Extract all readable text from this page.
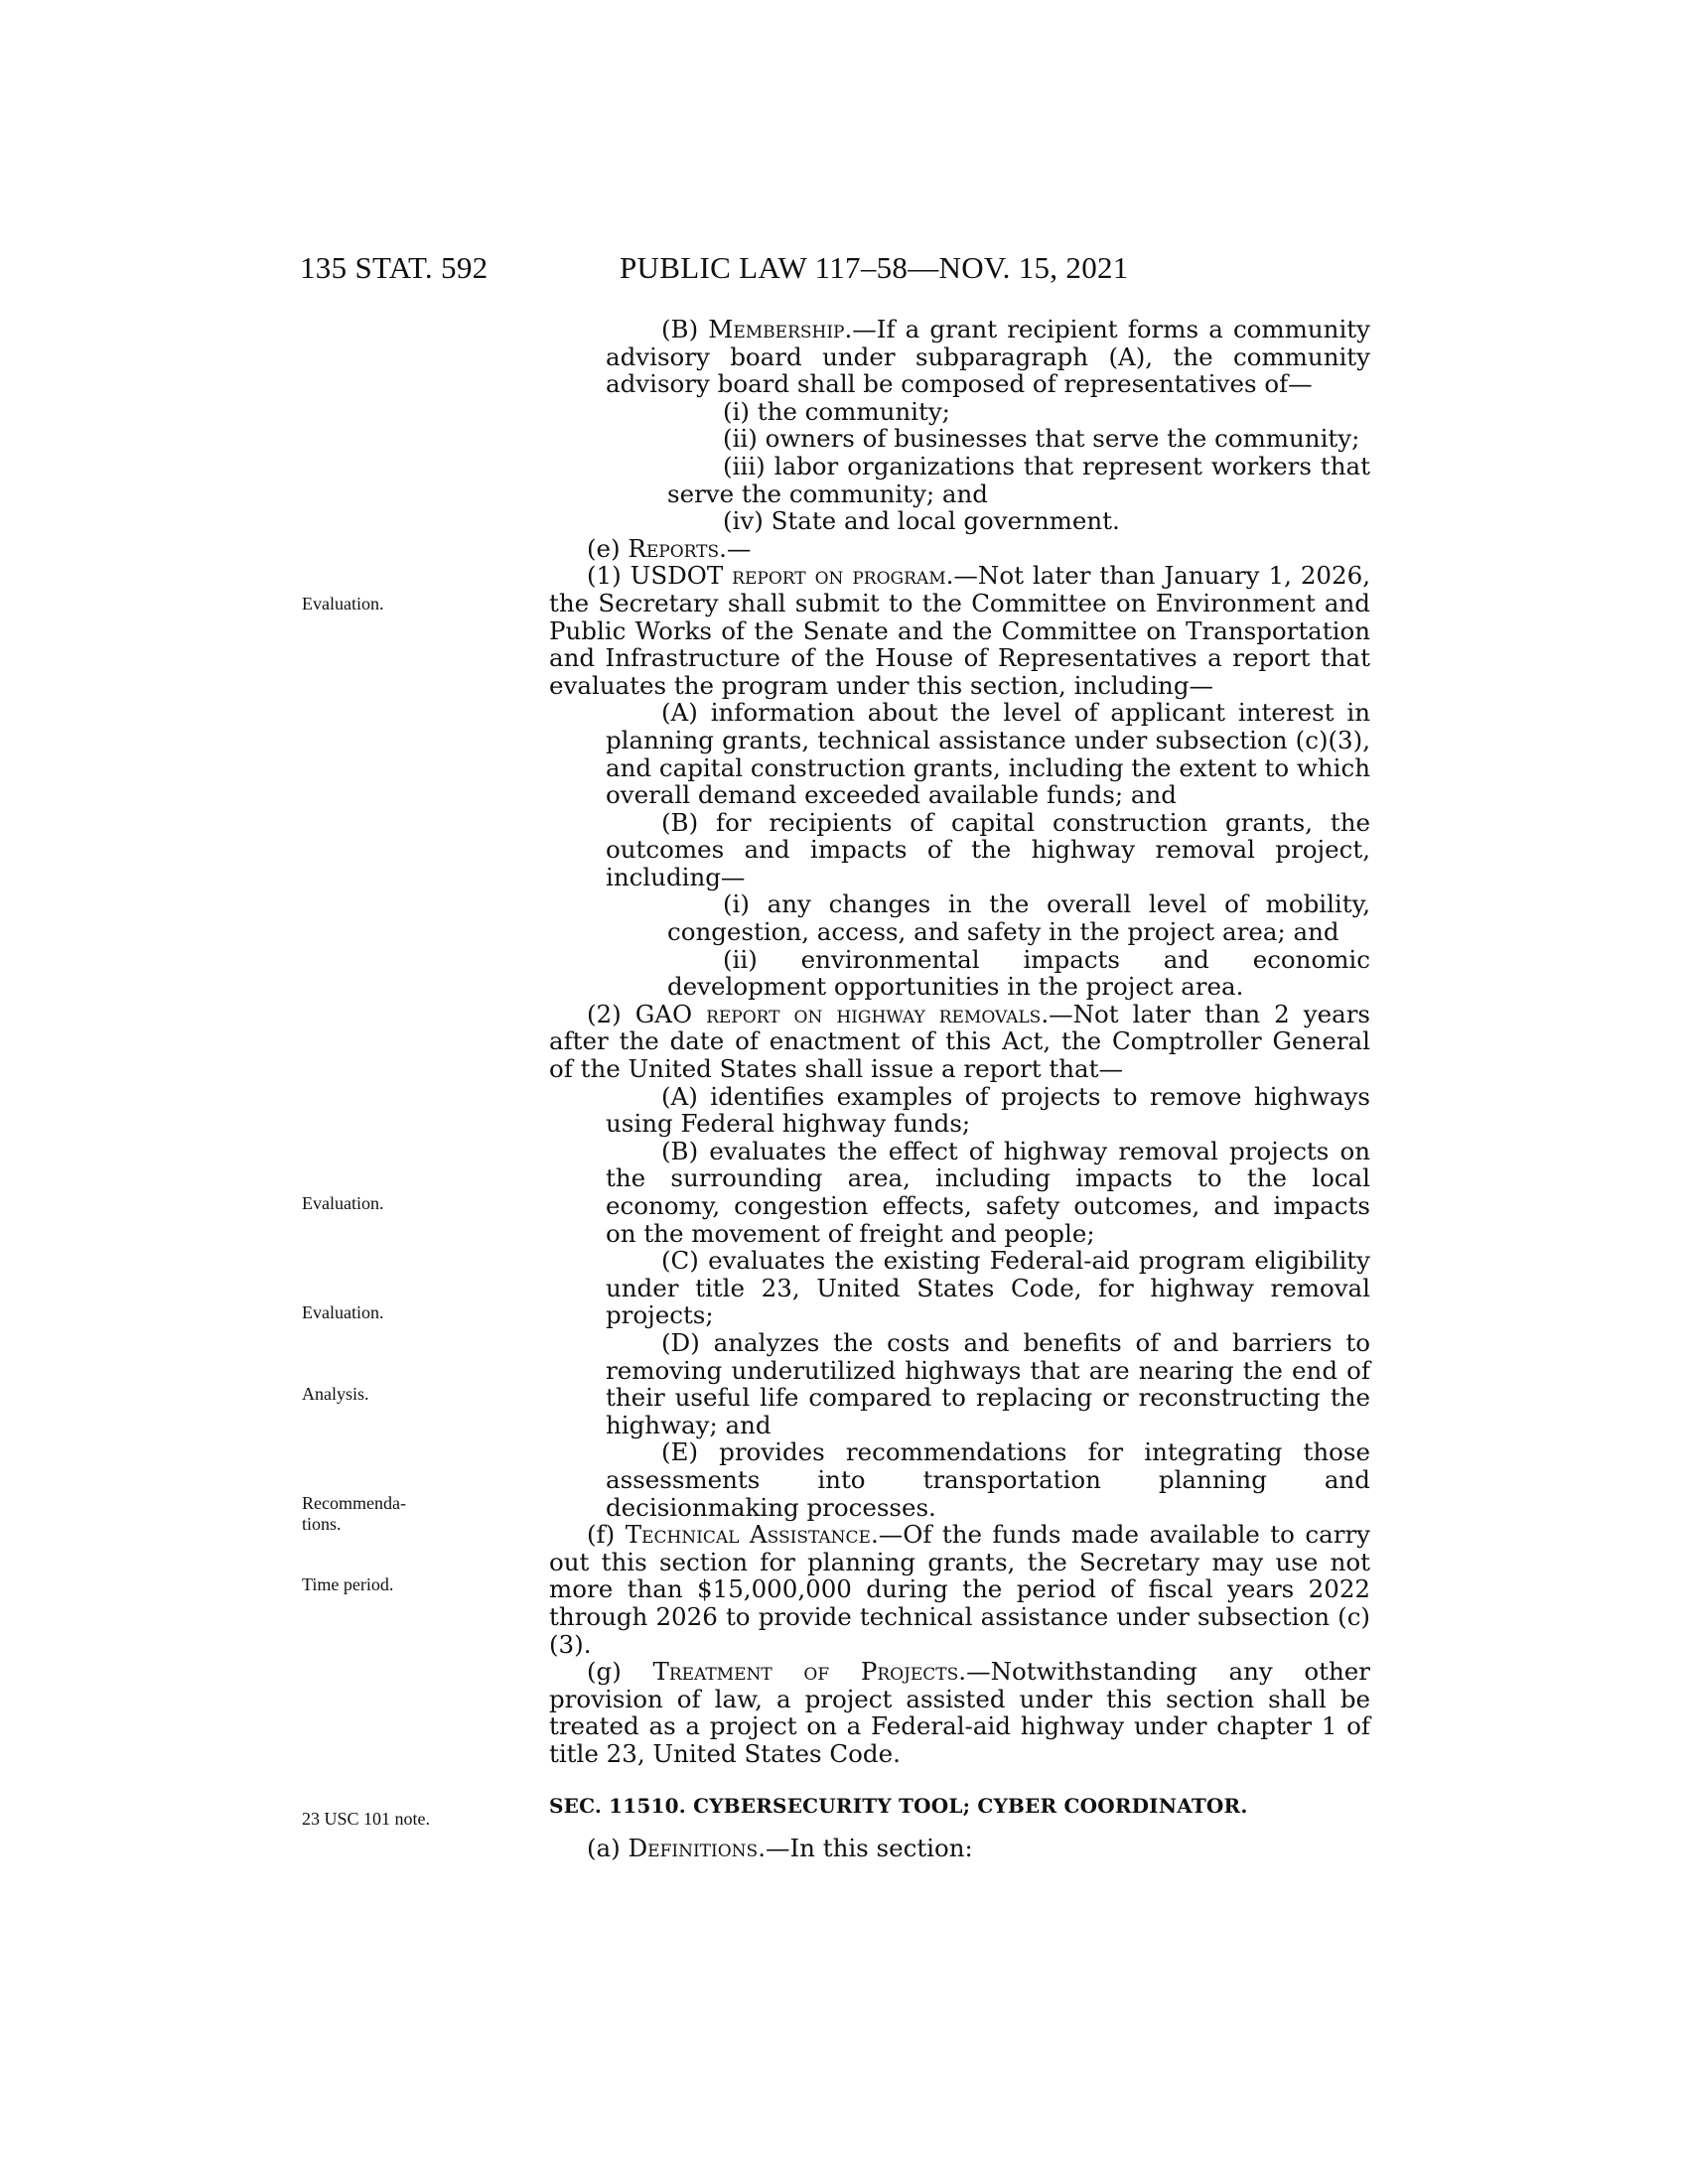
135 STAT. 592	PUBLIC LAW 117–58—NOV. 15, 2021
Evaluation.
Evaluation.
Evaluation.
Analysis.
Recommenda-
tions.
Time period.
23 USC 101 note.
(B) Membership.—If a grant recipient forms a community advisory board under subparagraph (A), the community advisory board shall be composed of representatives of—
(i) the community;
(ii) owners of businesses that serve the community;
(iii) labor organizations that represent workers that serve the community; and
(iv) State and local government.
(e) Reports.—
(1) USDOT report on program.—Not later than January 1, 2026, the Secretary shall submit to the Committee on Environment and Public Works of the Senate and the Committee on Transportation and Infrastructure of the House of Representatives a report that evaluates the program under this section, including—
(A) information about the level of applicant interest in planning grants, technical assistance under subsection (c)(3), and capital construction grants, including the extent to which overall demand exceeded available funds; and
(B) for recipients of capital construction grants, the outcomes and impacts of the highway removal project, including—
(i) any changes in the overall level of mobility, congestion, access, and safety in the project area; and
(ii) environmental impacts and economic development opportunities in the project area.
(2) GAO report on highway removals.—Not later than 2 years after the date of enactment of this Act, the Comptroller General of the United States shall issue a report that—
(A) identifies examples of projects to remove highways using Federal highway funds;
(B) evaluates the effect of highway removal projects on the surrounding area, including impacts to the local economy, congestion effects, safety outcomes, and impacts on the movement of freight and people;
(C) evaluates the existing Federal-aid program eligibility under title 23, United States Code, for highway removal projects;
(D) analyzes the costs and benefits of and barriers to removing underutilized highways that are nearing the end of their useful life compared to replacing or reconstructing the highway; and
(E) provides recommendations for integrating those assessments into transportation planning and decisionmaking processes.
(f) Technical Assistance.—Of the funds made available to carry out this section for planning grants, the Secretary may use not more than $15,000,000 during the period of fiscal years 2022 through 2026 to provide technical assistance under subsection (c)(3).
(g) Treatment of Projects.—Notwithstanding any other provision of law, a project assisted under this section shall be treated as a project on a Federal-aid highway under chapter 1 of title 23, United States Code.
SEC. 11510. CYBERSECURITY TOOL; CYBER COORDINATOR.
(a) Definitions.—In this section:
